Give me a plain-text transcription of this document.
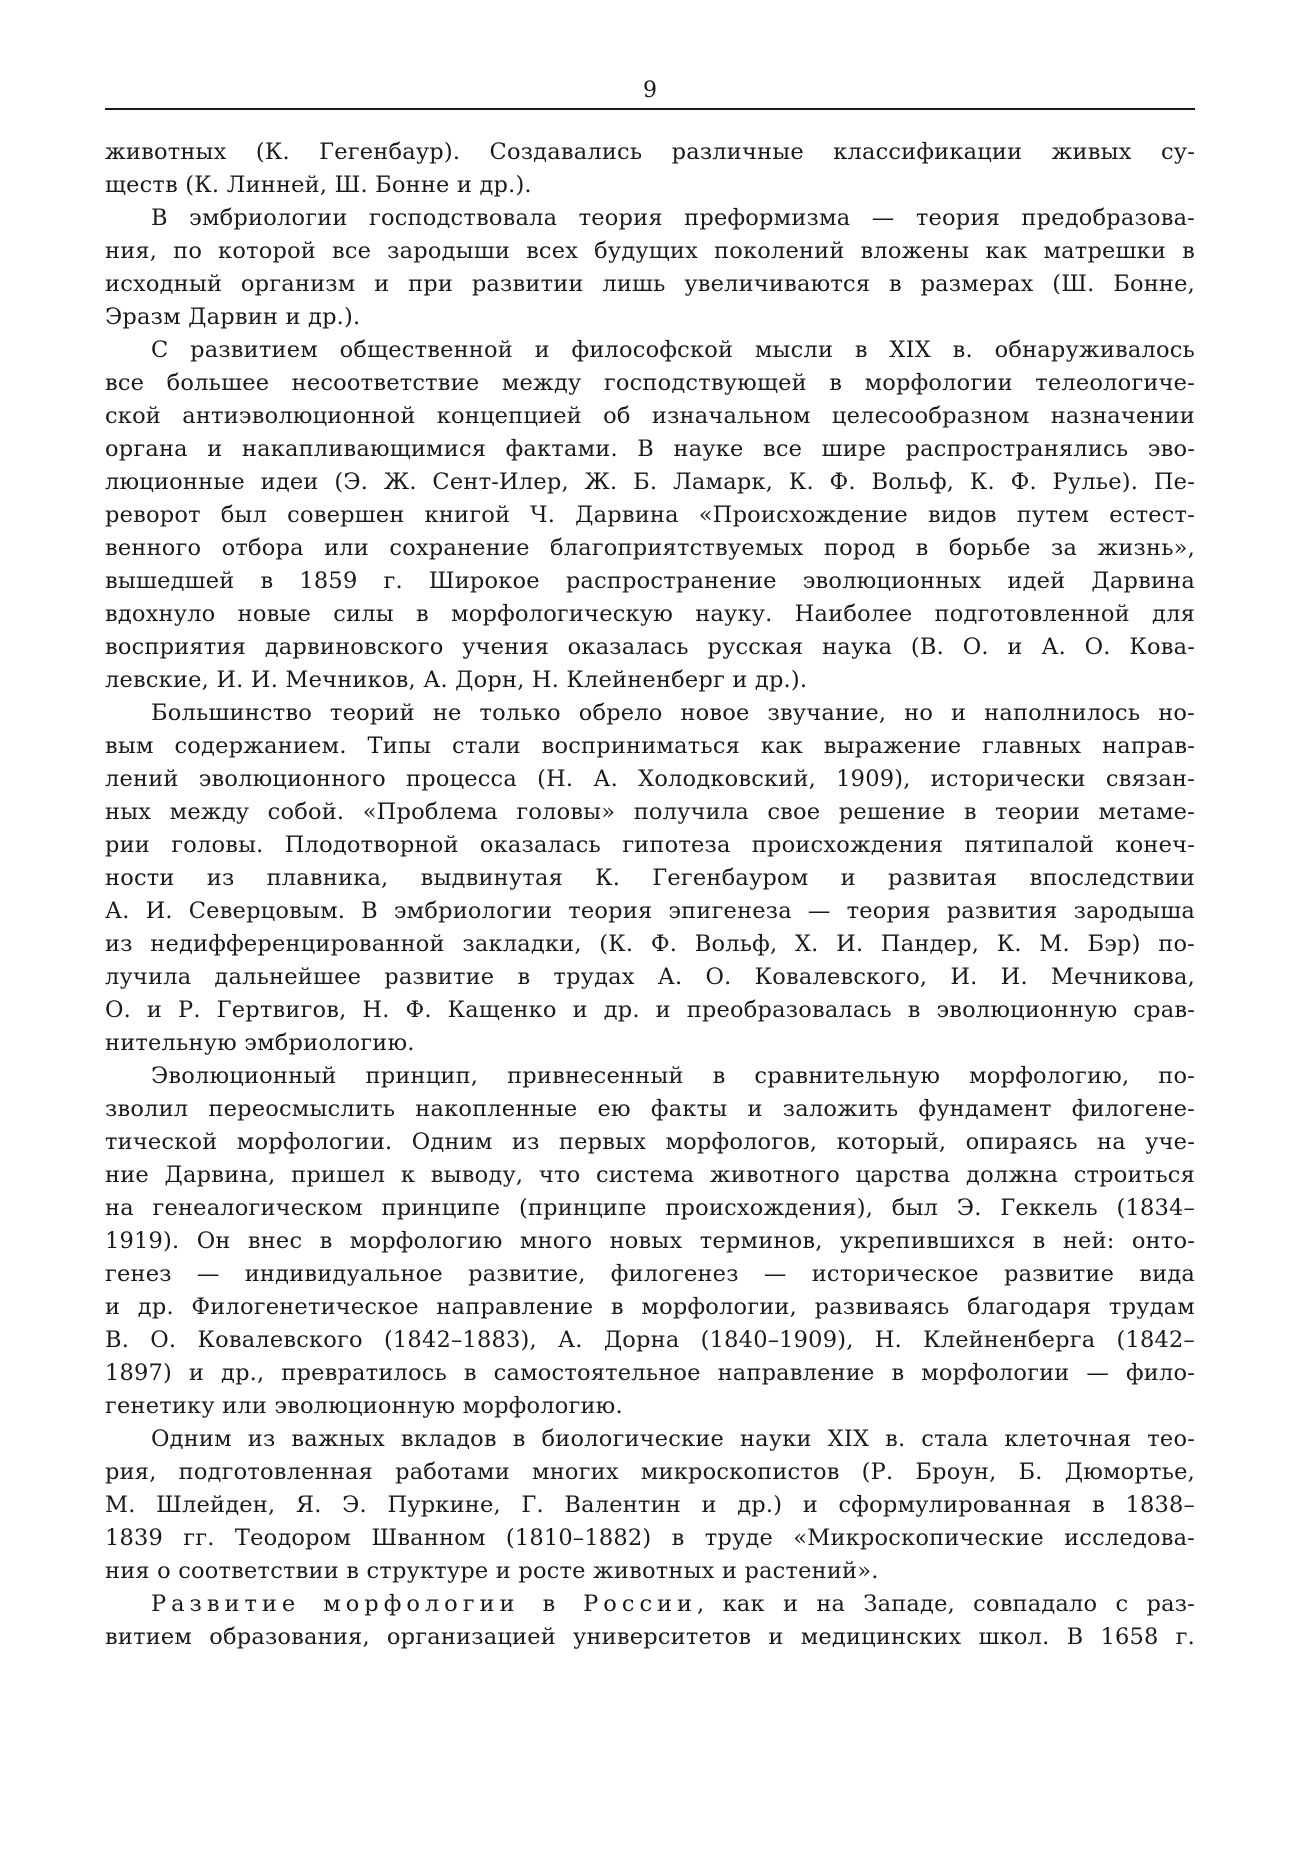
9
животных (К. Гегенбаур). Создавались различные классификации живых су-
ществ (К. Линней, Ш. Бонне и др.).
В эмбриологии господствовала теория преформизма — теория предобразова-
ния, по которой все зародыши всех будущих поколений вложены как матрешки в
исходный организм и при развитии лишь увеличиваются в размерах (Ш. Бонне,
Эразм Дарвин и др.).
С развитием общественной и философской мысли в XIX в. обнаруживалось
все большее несоответствие между господствующей в морфологии телеологиче-
ской антиэволюционной концепцией об изначальном целесообразном назначении
органа и накапливающимися фактами. В науке все шире распространялись эво-
люционные идеи (Э. Ж. Сент-Илер, Ж. Б. Ламарк, К. Ф. Вольф, К. Ф. Рулье). Пе-
реворот был совершен книгой Ч. Дарвина «Происхождение видов путем естест-
венного отбора или сохранение благоприятствуемых пород в борьбе за жизнь»,
вышедшей в 1859 г. Широкое распространение эволюционных идей Дарвина
вдохнуло новые силы в морфологическую науку. Наиболее подготовленной для
восприятия дарвиновского учения оказалась русская наука (В. О. и А. О. Кова-
левские, И. И. Мечников, А. Дорн, Н. Клейненберг и др.).
Большинство теорий не только обрело новое звучание, но и наполнилось но-
вым содержанием. Типы стали восприниматься как выражение главных направ-
лений эволюционного процесса (Н. А. Холодковский, 1909), исторически связан-
ных между собой. «Проблема головы» получила свое решение в теории метаме-
рии головы. Плодотворной оказалась гипотеза происхождения пятипалой конеч-
ности из плавника, выдвинутая К. Гегенбауром и развитая впоследствии
А. И. Северцовым. В эмбриологии теория эпигенеза — теория развития зародыша
из недифференцированной закладки, (К. Ф. Вольф, Х. И. Пандер, К. М. Бэр) по-
лучила дальнейшее развитие в трудах А. О. Ковалевского, И. И. Мечникова,
О. и Р. Гертвигов, Н. Ф. Кащенко и др. и преобразовалась в эволюционную срав-
нительную эмбриологию.
Эволюционный принцип, привнесенный в сравнительную морфологию, по-
зволил переосмыслить накопленные ею факты и заложить фундамент филогене-
тической морфологии. Одним из первых морфологов, который, опираясь на уче-
ние Дарвина, пришел к выводу, что система животного царства должна строиться
на генеалогическом принципе (принципе происхождения), был Э. Геккель (1834–
1919). Он внес в морфологию много новых терминов, укрепившихся в ней: онто-
генез — индивидуальное развитие, филогенез — историческое развитие вида
и др. Филогенетическое направление в морфологии, развиваясь благодаря трудам
В. О. Ковалевского (1842–1883), А. Дорна (1840–1909), Н. Клейненберга (1842–
1897) и др., превратилось в самостоятельное направление в морфологии — фило-
генетику или эволюционную морфологию.
Одним из важных вкладов в биологические науки XIX в. стала клеточная тео-
рия, подготовленная работами многих микроскопистов (Р. Броун, Б. Дюмортье,
М. Шлейден, Я. Э. Пуркине, Г. Валентин и др.) и сформулированная в 1838–
1839 гг. Теодором Шванном (1810–1882) в труде «Микроскопические исследова-
ния о соответствии в структуре и росте животных и растений».
Развитие морфологии в России, как и на Западе, совпадало с раз-
витием образования, организацией университетов и медицинских школ. В 1658 г.
